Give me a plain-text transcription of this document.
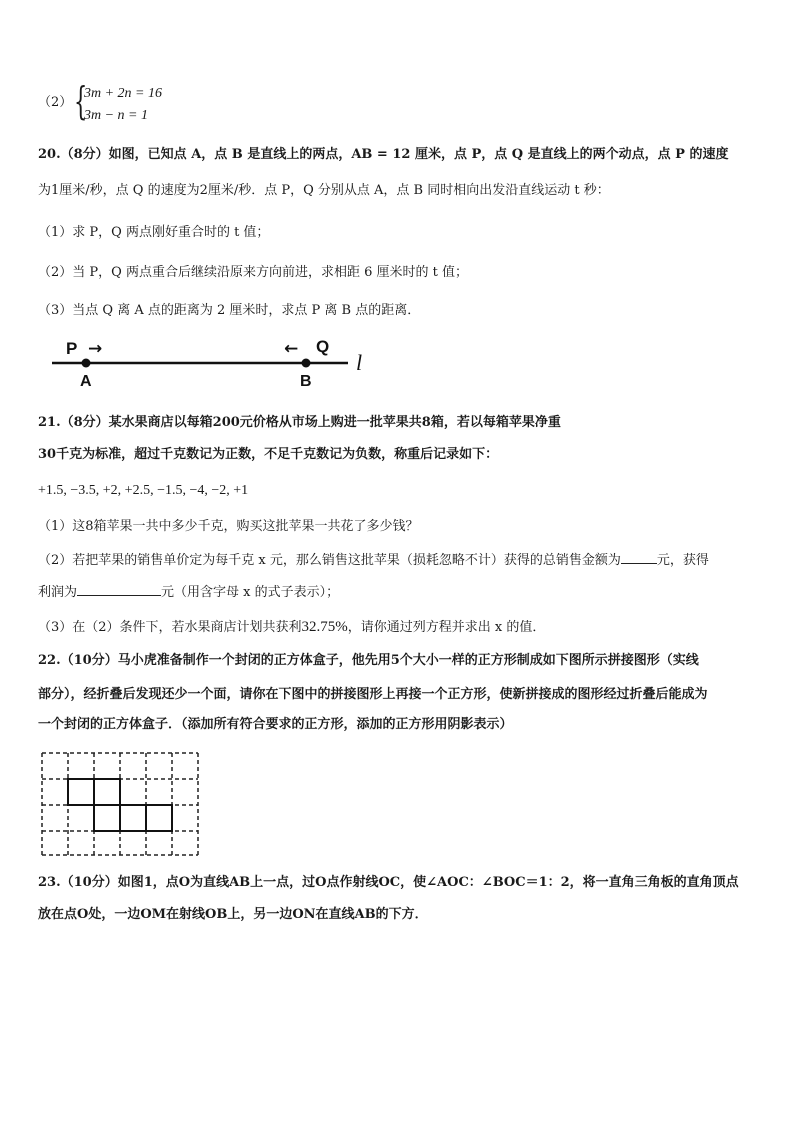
（2） {
3m + 2n = 16
3m − n = 1
20.（8分）如图，已知点 A，点 B 是直线上的两点，AB = 12 厘米，点 P，点 Q 是直线上的两个动点，点 P 的速度
为1厘米/秒，点 Q 的速度为2厘米/秒．点 P，Q 分别从点 A，点 B 同时相向出发沿直线运动 t 秒：
（1）求 P，Q 两点刚好重合时的 t 值；
（2）当 P，Q 两点重合后继续沿原来方向前进，求相距 6 厘米时的 t 值；
（3）当点 Q 离 A 点的距离为 2 厘米时，求点 P 离 B 点的距离．
P →	← Q
A	B
l
21.（8分）某水果商店以每箱200元价格从市场上购进一批苹果共8箱，若以每箱苹果净重
30千克为标准，超过千克数记为正数，不足千克数记为负数，称重后记录如下：
+1.5, −3.5, +2, +2.5, −1.5, −4, −2, +1
（1）这8箱苹果一共中多少千克，购买这批苹果一共花了多少钱？
（2）若把苹果的销售单价定为每千克 x 元，那么销售这批苹果（损耗忽略不计）获得的总销售金额为	元，获得
利润为	元（用含字母 x 的式子表示）；
（3）在（2）条件下，若水果商店计划共获利32.75%，请你通过列方程并求出 x 的值．
22.（10分）马小虎准备制作一个封闭的正方体盒子，他先用5个大小一样的正方形制成如下图所示拼接图形（实线
部分），经折叠后发现还少一个面，请你在下图中的拼接图形上再接一个正方形，使新拼接成的图形经过折叠后能成为
一个封闭的正方体盒子．（添加所有符合要求的正方形，添加的正方形用阴影表示）
23.（10分）如图1，点O为直线AB上一点，过O点作射线OC，使∠AOC：∠BOC＝1：2，将一直角三角板的直角顶点
放在点O处，一边OM在射线OB上，另一边ON在直线AB的下方．
